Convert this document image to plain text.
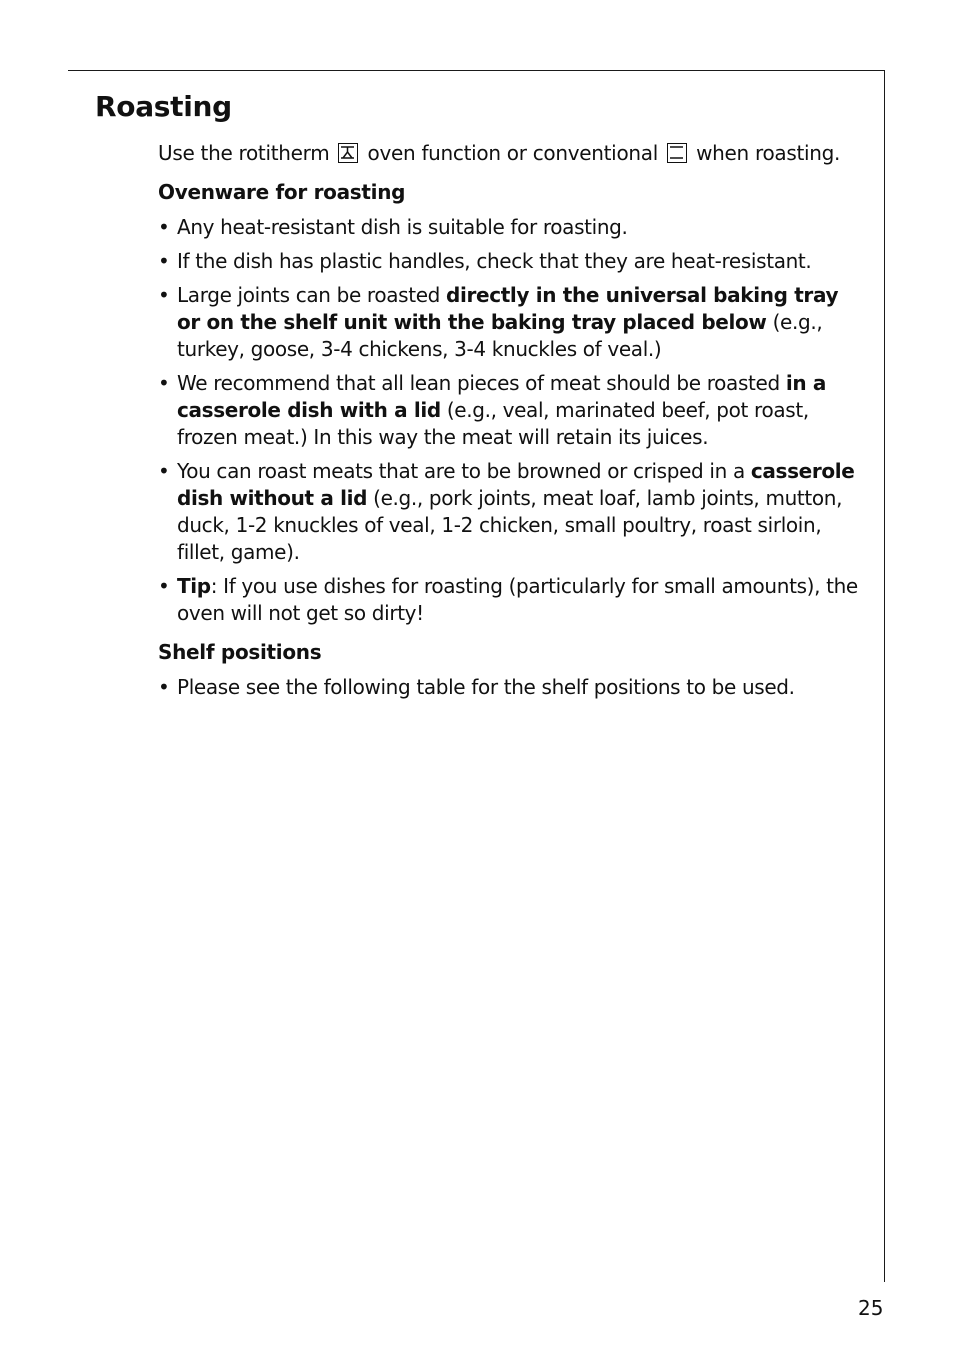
Roasting

Use the rotitherm oven function or conventional when roasting.

Ovenware for roasting
• Any heat-resistant dish is suitable for roasting.
• If the dish has plastic handles, check that they are heat-resistant.
• Large joints can be roasted directly in the universal baking tray or on the shelf unit with the baking tray placed below (e.g., turkey, goose, 3-4 chickens, 3-4 knuckles of veal.)
• We recommend that all lean pieces of meat should be roasted in a casserole dish with a lid (e.g., veal, marinated beef, pot roast, frozen meat.) In this way the meat will retain its juices.
• You can roast meats that are to be browned or crisped in a casserole dish without a lid (e.g., pork joints, meat loaf, lamb joints, mutton, duck, 1-2 knuckles of veal, 1-2 chicken, small poultry, roast sirloin, fillet, game).
• Tip: If you use dishes for roasting (particularly for small amounts), the oven will not get so dirty!
Shelf positions
• Please see the following table for the shelf positions to be used.
25
